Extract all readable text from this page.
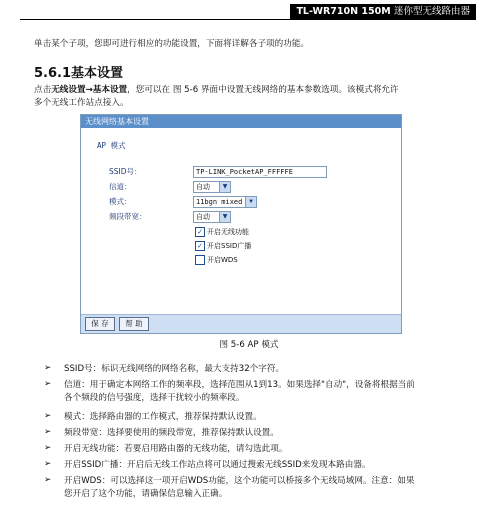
TL-WR710N 150M 迷你型无线路由器
单击某个子项，您即可进行相应的功能设置，下面将详解各子项的功能。
5.6.1基本设置
点击无线设置→基本设置，您可以在 图 5-6 界面中设置无线网络的基本参数选项。该模式将允许
多个无线工作站点接入。
无线网络基本设置
AP 模式
SSID号：	TP-LINK_PocketAP_FFFFFE
信道：	自动	▼
模式：	11bgn mixed	▼
频段带宽：	自动	▼
✓ 开启无线功能
✓ 开启SSID广播
开启WDS
保 存	帮 助
图 5-6 AP 模式
➢	SSID号：标识无线网络的网络名称，最大支持32个字符。
➢	信道：用于确定本网络工作的频率段，选择范围从1到13。如果选择"自动"，设备将根据当前
各个频段的信号强度，选择干扰较小的频率段。
➢	模式：选择路由器的工作模式，推荐保持默认设置。
➢	频段带宽：选择要使用的频段带宽，推荐保持默认设置。
➢	开启无线功能：若要启用路由器的无线功能，请勾选此项。
➢	开启SSID广播：开启后无线工作站点将可以通过搜索无线SSID来发现本路由器。
➢	开启WDS：可以选择这一项开启WDS功能，这个功能可以桥接多个无线局域网。注意：如果
您开启了这个功能，请确保信息输入正确。
